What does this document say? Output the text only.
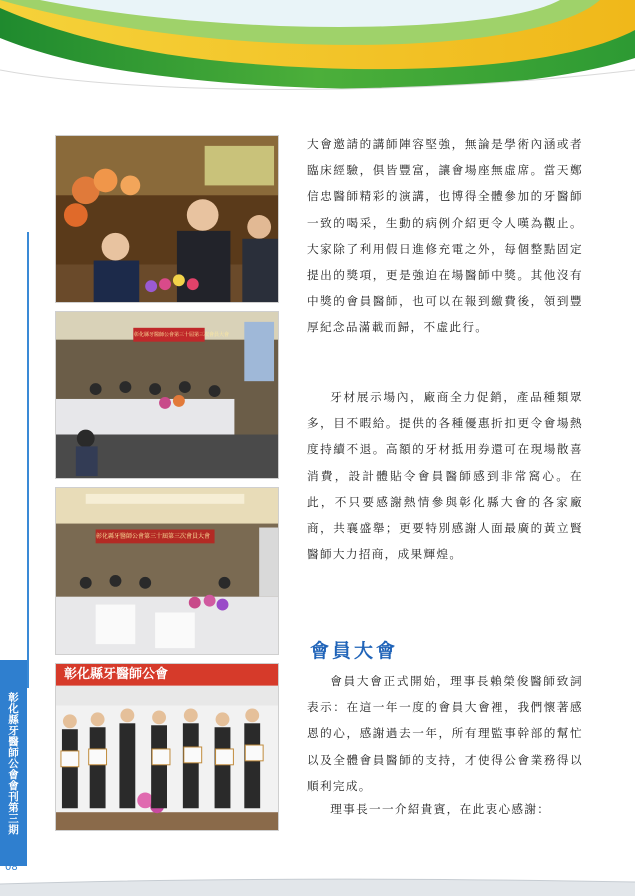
彰化縣牙醫師公會會刊第三期
08
彰化縣牙醫師公會第三十屆第三次會員大會
彰化縣牙醫師公會第三十屆第三次會員大會
彰化縣牙醫師公會
大會邀請的講師陣容堅強，無論是學術內涵或者臨床經驗，俱皆豐富，讓會場座無虛席。當天鄭信忠醫師精彩的演講，也博得全體參加的牙醫師一致的喝采，生動的病例介紹更令人嘆為觀止。大家除了利用假日進修充電之外，每個整點固定提出的獎項，更是強迫在場醫師中獎。其他沒有中獎的會員醫師，也可以在報到繳費後，領到豐厚紀念品滿載而歸，不虛此行。
牙材展示場內，廠商全力促銷，產品種類眾多，目不暇給。提供的各種優惠折扣更令會場熱度持續不退。高額的牙材抵用券還可在現場散喜消費，設計體貼令會員醫師感到非常窩心。在此，不只要感謝熱情參與彰化縣大會的各家廠商，共襄盛舉；更要特別感謝人面最廣的黃立賢醫師大力招商，成果輝煌。
會員大會
會員大會正式開始，理事長賴榮俊醫師致詞表示：在這一年一度的會員大會裡，我們懷著感恩的心，感謝過去一年，所有理監事幹部的幫忙以及全體會員醫師的支持，才使得公會業務得以順利完成。
理事長一一介紹貴賓，在此衷心感謝：
